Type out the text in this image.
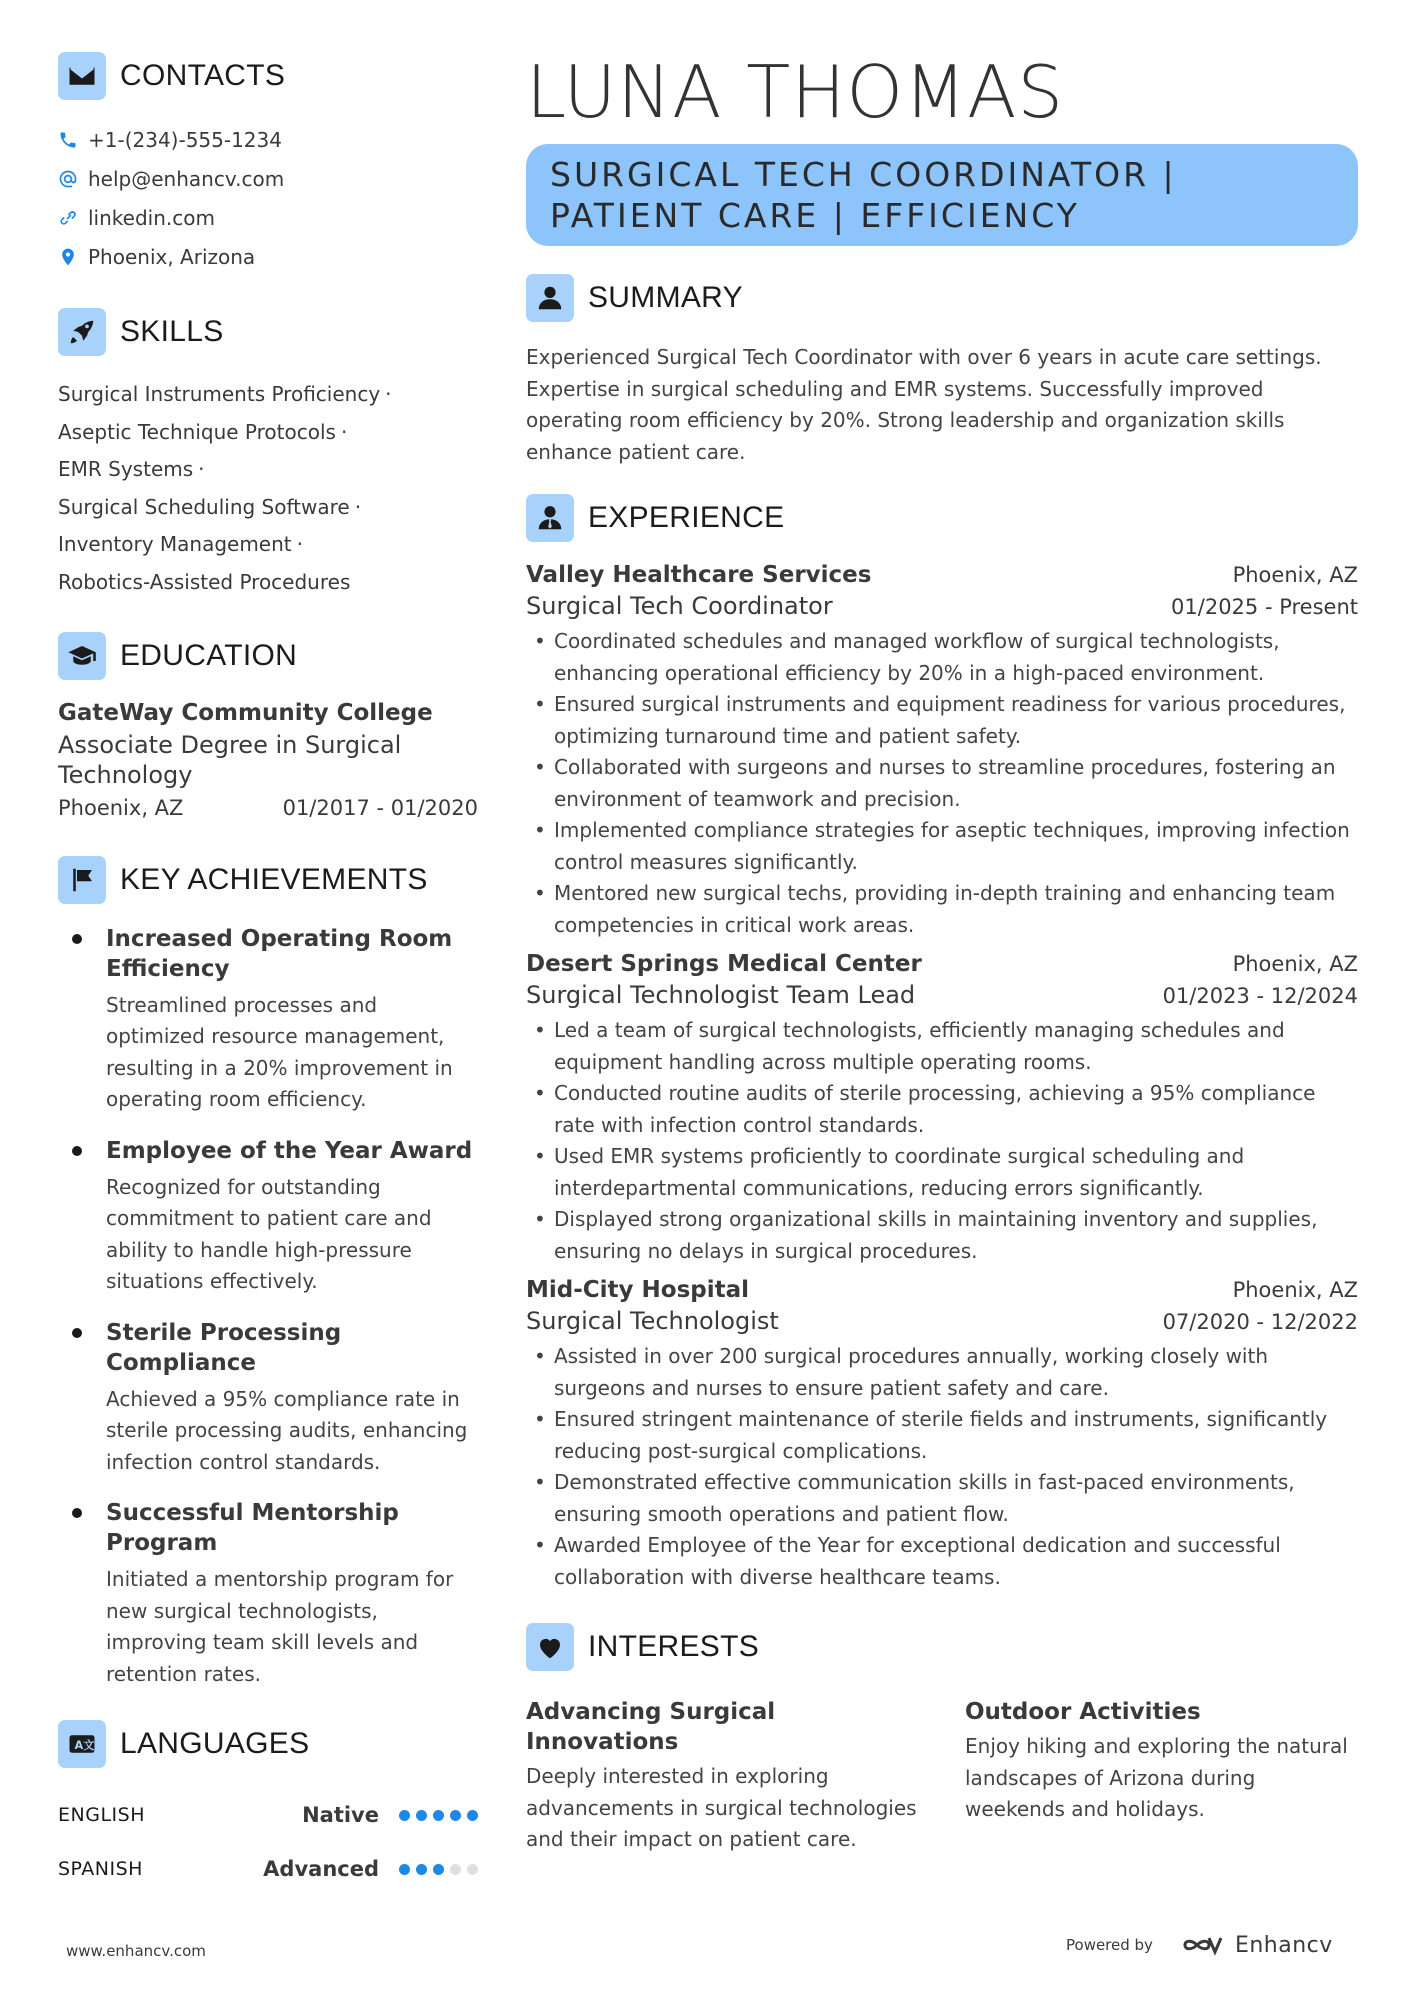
CONTACTS
+1-(234)-555-1234
help@enhancv.com
linkedin.com
Phoenix, Arizona
SKILLS
Surgical Instruments Proficiency ·
Aseptic Technique Protocols ·
EMR Systems ·
Surgical Scheduling Software ·
Inventory Management ·
Robotics-Assisted Procedures
EDUCATION
GateWay Community College
Associate Degree in Surgical Technology
Phoenix, AZ	01/2017 - 01/2020
KEY ACHIEVEMENTS
Increased Operating Room Efficiency
Streamlined processes and optimized resource management, resulting in a 20% improvement in operating room efficiency.
Employee of the Year Award
Recognized for outstanding commitment to patient care and ability to handle high-pressure situations effectively.
Sterile Processing Compliance
Achieved a 95% compliance rate in sterile processing audits, enhancing infection control standards.
Successful Mentorship Program
Initiated a mentorship program for new surgical technologists, improving team skill levels and retention rates.
A 文 LANGUAGES
ENGLISH	Native
SPANISH	Advanced
LUNA THOMAS
SURGICAL TECH COORDINATOR |
PATIENT CARE | EFFICIENCY
SUMMARY

Experienced Surgical Tech Coordinator with over 6 years in acute care settings. Expertise in surgical scheduling and EMR systems. Successfully improved operating room efficiency by 20%. Strong leadership and organization skills enhance patient care.

EXPERIENCE
Valley Healthcare Services	Phoenix, AZ
Surgical Tech Coordinator	01/2025 - Present
• Coordinated schedules and managed workflow of surgical technologists, enhancing operational efficiency by 20% in a high-paced environment.
• Ensured surgical instruments and equipment readiness for various procedures, optimizing turnaround time and patient safety.
• Collaborated with surgeons and nurses to streamline procedures, fostering an environment of teamwork and precision.
• Implemented compliance strategies for aseptic techniques, improving infection control measures significantly.
• Mentored new surgical techs, providing in-depth training and enhancing team competencies in critical work areas.
Desert Springs Medical Center	Phoenix, AZ
Surgical Technologist Team Lead	01/2023 - 12/2024
• Led a team of surgical technologists, efficiently managing schedules and equipment handling across multiple operating rooms.
• Conducted routine audits of sterile processing, achieving a 95% compliance rate with infection control standards.
• Used EMR systems proficiently to coordinate surgical scheduling and interdepartmental communications, reducing errors significantly.
• Displayed strong organizational skills in maintaining inventory and supplies, ensuring no delays in surgical procedures.
Mid-City Hospital	Phoenix, AZ
Surgical Technologist	07/2020 - 12/2022
• Assisted in over 200 surgical procedures annually, working closely with surgeons and nurses to ensure patient safety and care.
• Ensured stringent maintenance of sterile fields and instruments, significantly reducing post-surgical complications.
• Demonstrated effective communication skills in fast-paced environments, ensuring smooth operations and patient flow.
• Awarded Employee of the Year for exceptional dedication and successful collaboration with diverse healthcare teams.
INTERESTS
Advancing Surgical Innovations
Deeply interested in exploring advancements in surgical technologies and their impact on patient care.
Outdoor Activities
Enjoy hiking and exploring the natural landscapes of Arizona during weekends and holidays.
www.enhancv.com	Powered by	Enhancv
